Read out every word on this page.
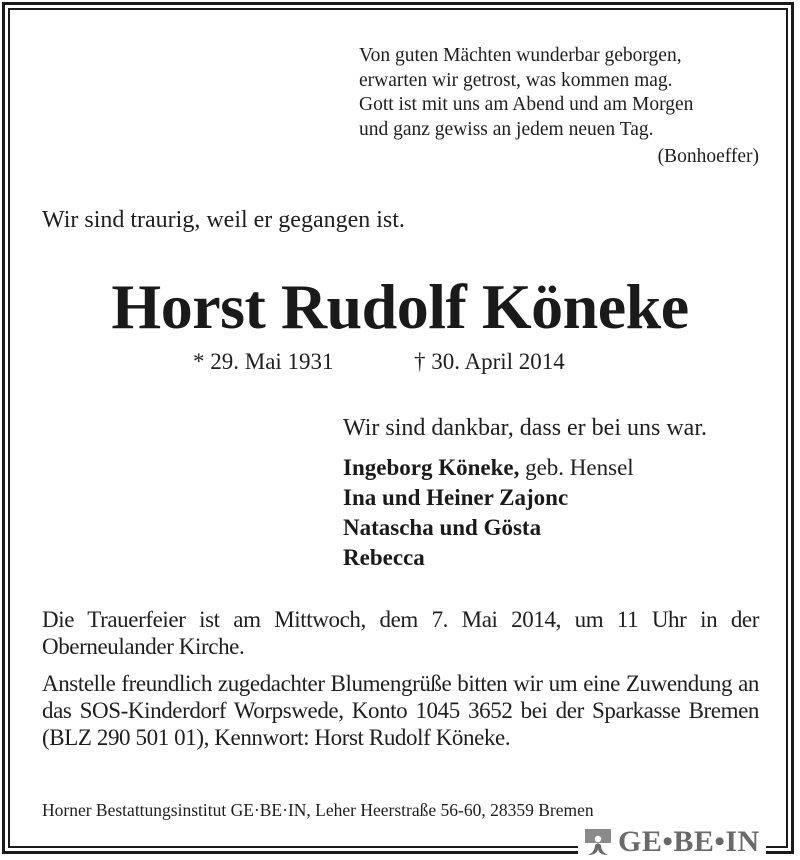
Von guten Mächten wunderbar geborgen,
erwarten wir getrost, was kommen mag.
Gott ist mit uns am Abend und am Morgen
und ganz gewiss an jedem neuen Tag.
(Bonhoeffer)
Wir sind traurig, weil er gegangen ist.
Horst Rudolf Köneke
* 29. Mai 1931	† 30. April 2014
Wir sind dankbar, dass er bei uns war.
Ingeborg Köneke, geb. Hensel
Ina und Heiner Zajonc
Natascha und Gösta
Rebecca
Die Trauerfeier ist am Mittwoch, dem 7. Mai 2014, um 11 Uhr in der Oberneulander Kirche.
Anstelle freundlich zugedachter Blumengrüße bitten wir um eine Zuwendung an das SOS-Kinderdorf Worpswede, Konto 1045 3652 bei der Sparkasse Bremen (BLZ 290 501 01), Kennwort: Horst Rudolf Köneke.
Horner Bestattungsinstitut GE·BE·IN, Leher Heerstraße 56-60, 28359 Bremen
GE•BE•IN
